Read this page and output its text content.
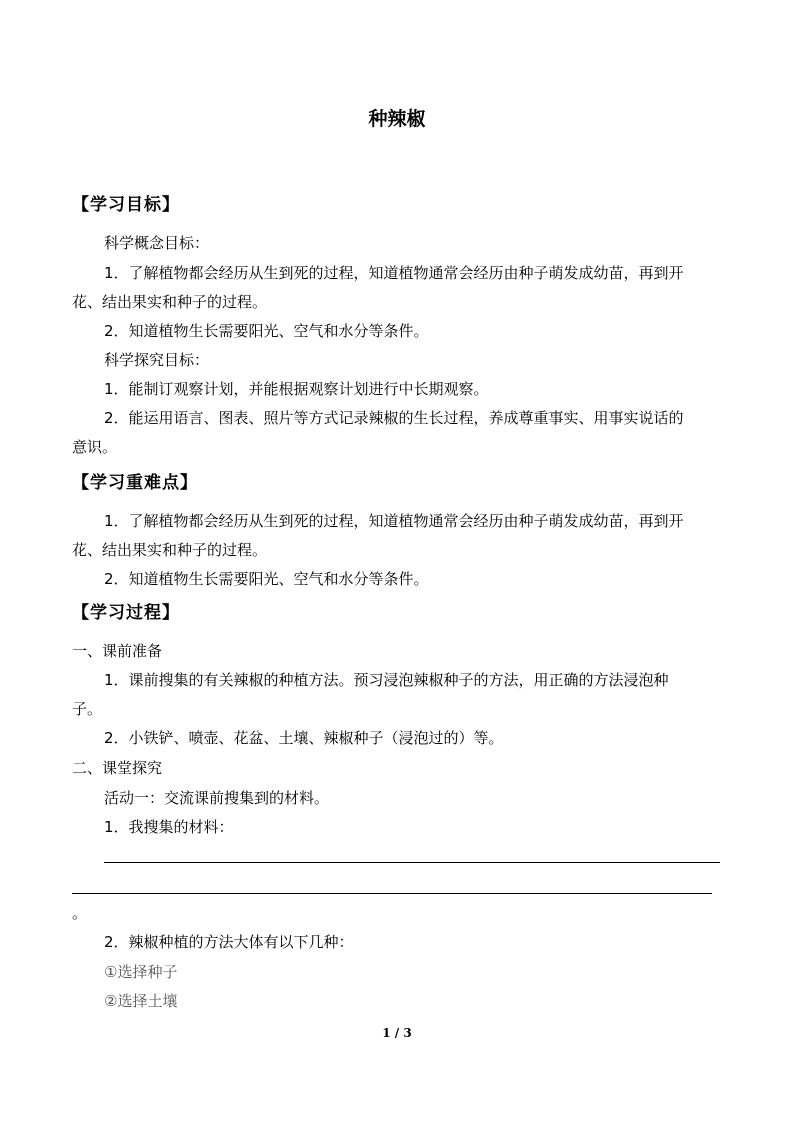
种辣椒
【学习目标】
科学概念目标：
1．了解植物都会经历从生到死的过程，知道植物通常会经历由种子萌发成幼苗，再到开
花、结出果实和种子的过程。
2．知道植物生长需要阳光、空气和水分等条件。
科学探究目标：
1．能制订观察计划，并能根据观察计划进行中长期观察。
2．能运用语言、图表、照片等方式记录辣椒的生长过程，养成尊重事实、用事实说话的
意识。
【学习重难点】
1．了解植物都会经历从生到死的过程，知道植物通常会经历由种子萌发成幼苗，再到开
花、结出果实和种子的过程。
2．知道植物生长需要阳光、空气和水分等条件。
【学习过程】
一、课前准备
1．课前搜集的有关辣椒的种植方法。预习浸泡辣椒种子的方法，用正确的方法浸泡种
子。
2．小铁铲、喷壶、花盆、土壤、辣椒种子（浸泡过的）等。
二、课堂探究
活动一：交流课前搜集到的材料。
1．我搜集的材料：
。
2．辣椒种植的方法大体有以下几种：
①选择种子
②选择土壤
1 / 3
